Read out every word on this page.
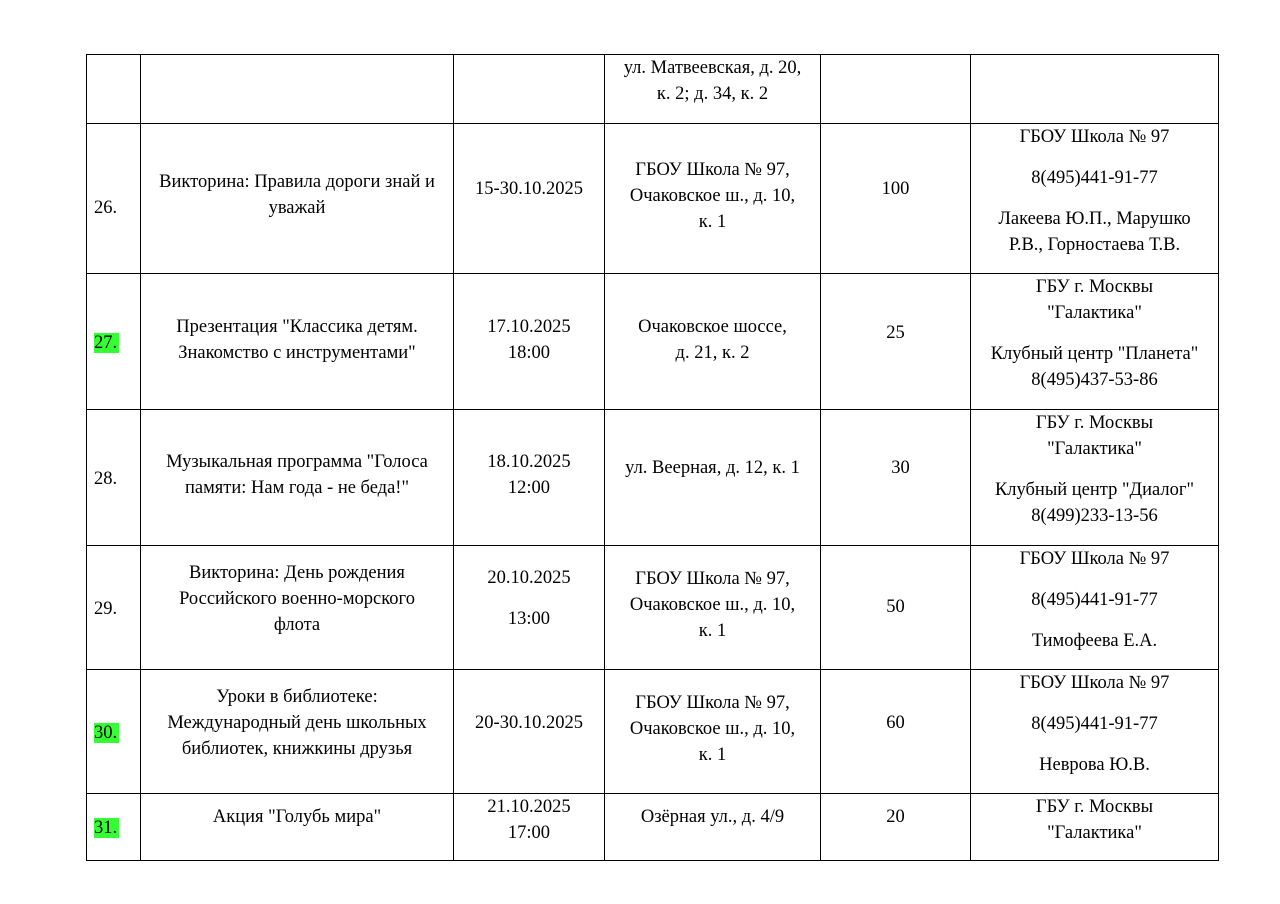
			ул. Матвеевская, д. 20,
к. 2; д. 34, к. 2		

26.	Викторина: Правила дороги знай и
уважай	15-30.10.2025	ГБОУ Школа № 97,
Очаковское ш., д. 10,
к. 1	100	ГБОУ Школа № 97
8(495)441-91-77
Лакеева Ю.П., Марушко
Р.В., Горностаева Т.В.

27.	Презентация "Классика детям.
Знакомство с инструментами"	17.10.2025
18:00	Очаковское шоссе,
д. 21, к. 2	25	ГБУ г. Москвы
"Галактика"
Клубный центр "Планета"
8(495)437-53-86

28.	Музыкальная программа "Голоса
памяти: Нам года - не беда!"	18.10.2025
12:00	ул. Веерная, д. 12, к. 1	30	ГБУ г. Москвы
"Галактика"
Клубный центр "Диалог"
8(499)233-13-56

29.	Викторина: День рождения
Российского военно-морского
флота	20.10.2025
13:00	ГБОУ Школа № 97,
Очаковское ш., д. 10,
к. 1	50	ГБОУ Школа № 97
8(495)441-91-77
Тимофеева Е.А.

30.	Уроки в библиотеке:
Международный день школьных
библиотек, книжкины друзья	20-30.10.2025	ГБОУ Школа № 97,
Очаковское ш., д. 10,
к. 1	60	ГБОУ Школа № 97
8(495)441-91-77
Неврова Ю.В.

31.	Акция "Голубь мира"	21.10.2025
17:00	Озёрная ул., д. 4/9	20	ГБУ г. Москвы
"Галактика"
